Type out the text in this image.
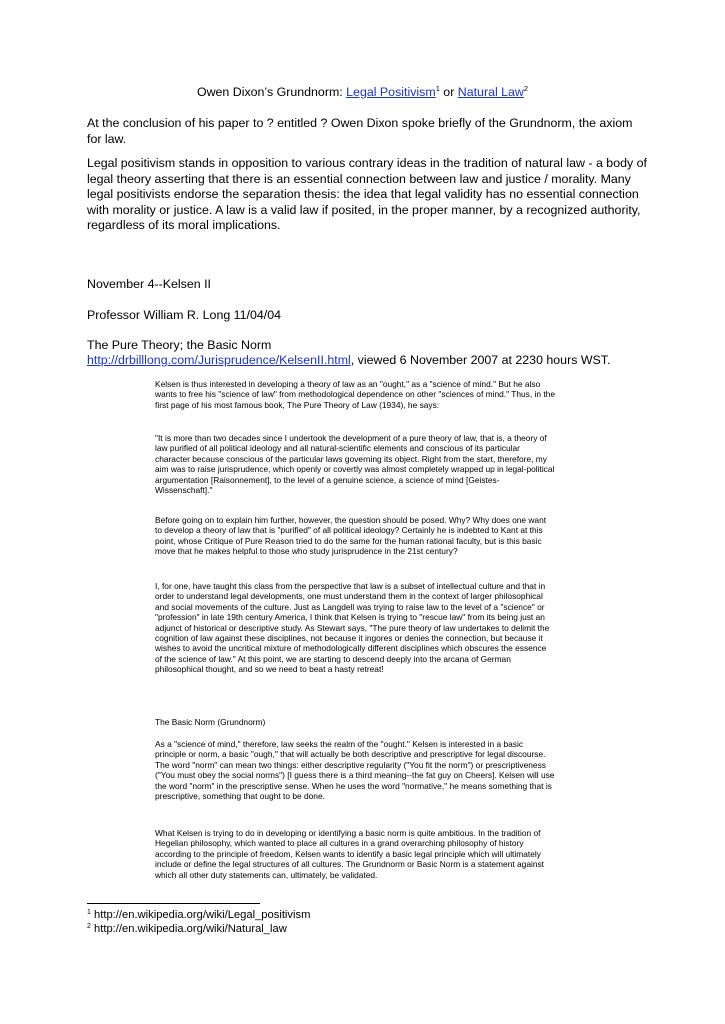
Owen Dixon’s Grundnorm: Legal Positivism$^1$ or Natural Law$^2$

At the conclusion of his paper to ? entitled ? Owen Dixon spoke briefly of the Grundnorm, the axiom for law.

Legal positivism stands in opposition to various contrary ideas in the tradition of natural law - a body of legal theory asserting that there is an essential connection between law and justice / morality. Many legal positivists endorse the separation thesis: the idea that legal validity has no essential connection with morality or justice. A law is a valid law if posited, in the proper manner, by a recognized authority, regardless of its moral implications.

November 4--Kelsen II

Professor William R. Long 11/04/04

The Pure Theory; the Basic Norm

http://drbilllong.com/Jurisprudence/KelsenII.html, viewed 6 November 2007 at 2230 hours WST.

Kelsen is thus interested in developing a theory of law as an "ought," as a "science of mind." But he also wants to free his "science of law" from methodological dependence on other "sciences of mind." Thus, in the first page of his most famous book, The Pure Theory of Law (1934), he says:

"It is more than two decades since I undertook the development of a pure theory of law, that is, a theory of law purified of all political ideology and all natural-scientific elements and conscious of its particular character because conscious of the particular laws governing its object. Right from the start, therefore, my aim was to raise jurisprudence, which openly or covertly was almost completely wrapped up in legal-political argumentation [Raisonnement], to the level of a genuine science, a science of mind [Geistes-Wissenschaft]."

Before going on to explain him further, however, the question should be posed. Why? Why does one want to develop a theory of law that is "purified" of all political ideology? Certainly he is indebted to Kant at this point, whose Critique of Pure Reason tried to do the same for the human rational faculty, but is this basic move that he makes helpful to those who study jurisprudence in the 21st century?

I, for one, have taught this class from the perspective that law is a subset of intellectual culture and that in order to understand legal developments, one must understand them in the context of larger philosophical and social movements of the culture. Just as Langdell was trying to raise law to the level of a "science" or "profession" in late 19th century America, I think that Kelsen is trying to "rescue law" from its being just an adjunct of historical or descriptive study. As Stewart says, "The pure theory of law undertakes to delimit the cognition of law against these disciplines, not because it ingores or denies the connection, but because it wishes to avoid the uncritical mixture of methodologically different disciplines which obscures the essence of the science of law." At this point, we are starting to descend deeply into the arcana of German philosophical thought, and so we need to beat a hasty retreat!

The Basic Norm (Grundnorm)

As a "science of mind," therefore, law seeks the realm of the "ought." Kelsen is interested in a basic principle or norm, a basic "ough," that will actually be both descriptive and prescriptive for legal discourse. The word "norm" can mean two things: either descriptive regularity ("You fit the norm") or prescriptiveness ("You must obey the social norms") [I guess there is a third meaning--the fat guy on Cheers]. Kelsen will use the word "norm" in the prescriptive sense. When he uses the word "normative," he means something that is prescriptive, something that ought to be done.

What Kelsen is trying to do in developing or identifying a basic norm is quite ambitious. In the tradition of Hegelian philosophy, which wanted to place all cultures in a grand overarching philosophy of history according to the principle of freedom, Kelsen wants to identify a basic legal principle which will ultimately include or define the legal structures of all cultures. The Grundnorm or Basic Norm is a statement against which all other duty statements can, ultimately, be validated.

$^1$ http://en.wikipedia.org/wiki/Legal_positivism
$^2$ http://en.wikipedia.org/wiki/Natural_law
